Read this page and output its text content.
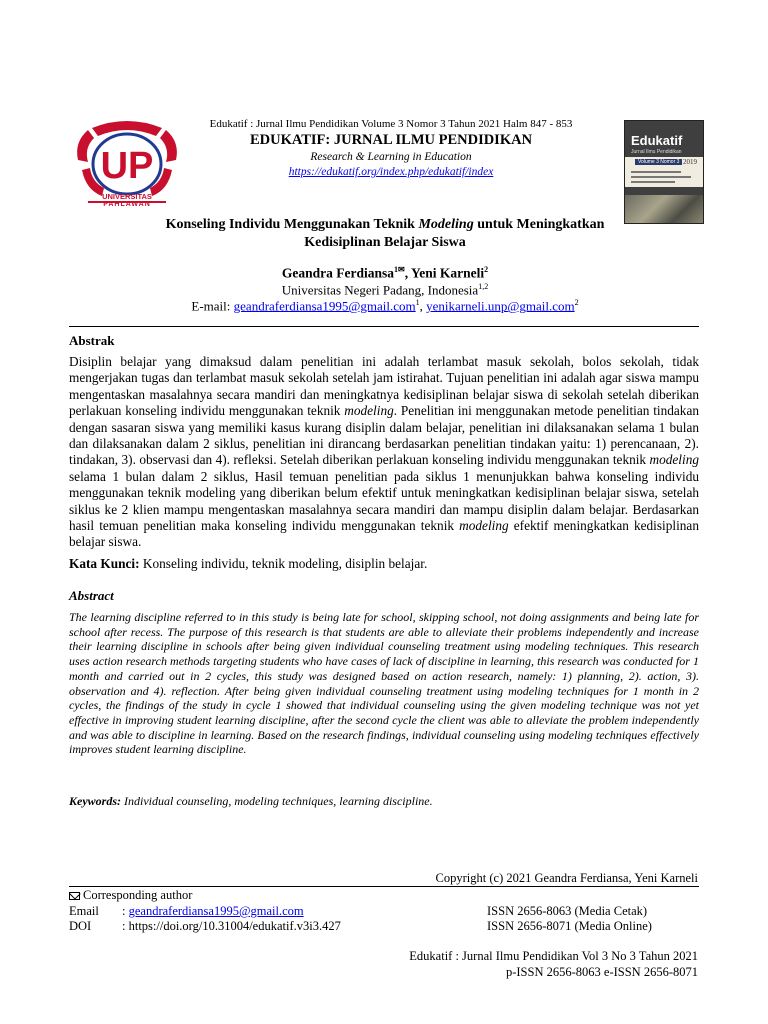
UP
UNIVERSITAS
PAHLAWAN
Edukatif
Jurnal Ilmu Pendidikan
Volume 3 Nomor 3 2019
Edukatif : Jurnal Ilmu Pendidikan Volume 3 Nomor 3 Tahun 2021 Halm 847 - 853
EDUKATIF: JURNAL ILMU PENDIDIKAN
Research & Learning in Education
https://edukatif.org/index.php/edukatif/index
Konseling Individu Menggunakan Teknik Modeling untuk Meningkatkan
Kedisiplinan Belajar Siswa
Geandra Ferdiansa$^{1✉}$, Yeni Karneli$^2$
Universitas Negeri Padang, Indonesia$^{1,2}$
E-mail: geandraferdiansa1995@gmail.com$^1$, yenikarneli.unp@gmail.com$^2$
Abstrak
Disiplin belajar yang dimaksud dalam penelitian ini adalah terlambat masuk sekolah, bolos sekolah, tidak mengerjakan tugas dan terlambat masuk sekolah setelah jam istirahat. Tujuan penelitian ini adalah agar siswa mampu mengentaskan masalahnya secara mandiri dan meningkatnya kedisiplinan belajar siswa di sekolah setelah diberikan perlakuan konseling individu menggunakan teknik modeling. Penelitian ini menggunakan metode penelitian tindakan dengan sasaran siswa yang memiliki kasus kurang disiplin dalam belajar, penelitian ini dilaksanakan selama 1 bulan dan dilaksanakan dalam 2 siklus, penelitian ini dirancang berdasarkan penelitian tindakan yaitu: 1) perencanaan, 2). tindakan, 3). observasi dan 4). refleksi. Setelah diberikan perlakuan konseling individu menggunakan teknik modeling selama 1 bulan dalam 2 siklus, Hasil temuan penelitian pada siklus 1 menunjukkan bahwa konseling individu menggunakan teknik modeling yang diberikan belum efektif untuk meningkatkan kedisiplinan belajar siswa, setelah siklus ke 2 klien mampu mengentaskan masalahnya secara mandiri dan mampu disiplin dalam belajar. Berdasarkan hasil temuan penelitian maka konseling individu menggunakan teknik modeling efektif meningkatkan kedisiplinan belajar siswa.
Kata Kunci: Konseling individu, teknik modeling, disiplin belajar.
Abstract
The learning discipline referred to in this study is being late for school, skipping school, not doing assignments and being late for school after recess. The purpose of this research is that students are able to alleviate their problems independently and increase their learning discipline in schools after being given individual counseling treatment using modeling techniques. This research uses action research methods targeting students who have cases of lack of discipline in learning, this research was conducted for 1 month and carried out in 2 cycles, this study was designed based on action research, namely: 1) planning, 2). action, 3). observation and 4). reflection. After being given individual counseling treatment using modeling techniques for 1 month in 2 cycles, the findings of the study in cycle 1 showed that individual counseling using the given modeling technique was not yet effective in improving student learning discipline, after the second cycle the client was able to alleviate the problem independently and was able to discipline in learning. Based on the research findings, individual counseling using modeling techniques effectively improves student learning discipline.
Keywords: Individual counseling, modeling techniques, learning discipline.
Copyright (c) 2021 Geandra Ferdiansa, Yeni Karneli
Corresponding author
Email : geandraferdiansa1995@gmail.com	ISSN 2656-8063 (Media Cetak)
DOI : https://doi.org/10.31004/edukatif.v3i3.427	ISSN 2656-8071 (Media Online)
Edukatif : Jurnal Ilmu Pendidikan Vol 3 No 3 Tahun 2021
p-ISSN 2656-8063 e-ISSN 2656-8071
